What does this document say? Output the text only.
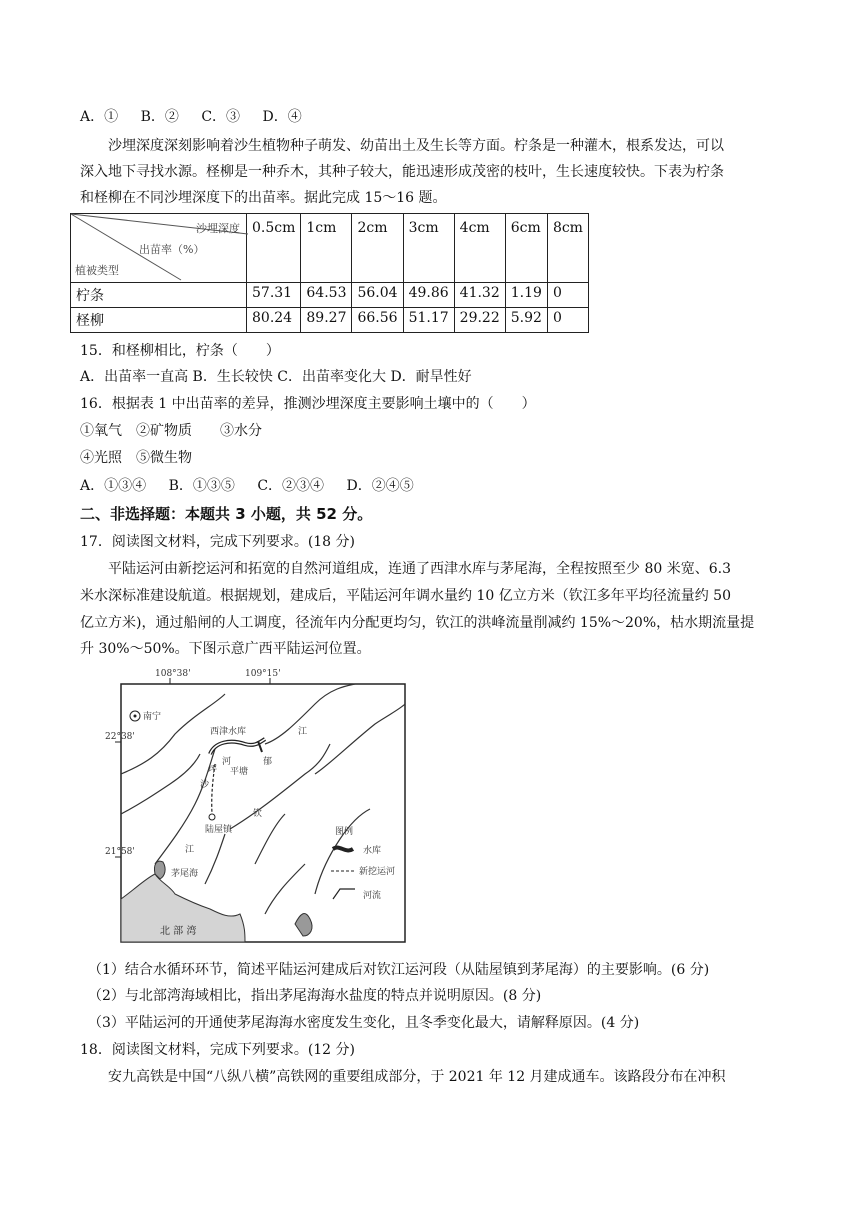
A．① B．② C．③ D．④
沙埋深度深刻影响着沙生植物种子萌发、幼苗出土及生长等方面。柠条是一种灌木，根系发达，可以
深入地下寻找水源。柽柳是一种乔木，其种子较大，能迅速形成茂密的枝叶，生长速度较快。下表为柠条
和柽柳在不同沙埋深度下的出苗率。据此完成 15～16 题。
沙埋深度
出苗率（%）
植被类型	0.5cm	1cm	2cm	3cm	4cm	6cm	8cm
柠条	57.31	64.53	56.04	49.86	41.32	1.19	0
柽柳	80.24	89.27	66.56	51.17	29.22	5.92	0
15．和柽柳相比，柠条（　　）
A．出苗率一直高 B．生长较快 C．出苗率变化大 D．耐旱性好
16．根据表 1 中出苗率的差异，推测沙埋深度主要影响土壤中的（　　）
①氧气　②矿物质　　③水分
④光照　⑤微生物
A．①③④ B．①③⑤ C．②③④ D．②④⑤
二、非选择题：本题共 3 小题，共 52 分。
17．阅读图文材料，完成下列要求。(18 分)
平陆运河由新挖运河和拓宽的自然河道组成，连通了西津水库与茅尾海，全程按照至少 80 米宽、6.3
米水深标准建设航道。根据规划，建成后，平陆运河年调水量约 10 亿立方米（钦江多年平均径流量约 50
亿立方米)，通过船闸的人工调度，径流年内分配更均匀，钦江的洪峰流量削减约 15%～20%，枯水期流量提
升 30%～50%。下图示意广西平陆运河位置。
108°38'	109°15'
22°38'
21°58'
南宁
西津水库
陆屋镇
江
郁
平塘
河
坪
沙
钦
江
茅尾海
北 部 湾
图例
水库
新挖运河
河流
（1）结合水循环环节，简述平陆运河建成后对钦江运河段（从陆屋镇到茅尾海）的主要影响。(6 分)
（2）与北部湾海域相比，指出茅尾海海水盐度的特点并说明原因。(8 分)
（3）平陆运河的开通使茅尾海海水密度发生变化，且冬季变化最大，请解释原因。(4 分)
18．阅读图文材料，完成下列要求。(12 分)
安九高铁是中国“八纵八横”高铁网的重要组成部分，于 2021 年 12 月建成通车。该路段分布在冲积
